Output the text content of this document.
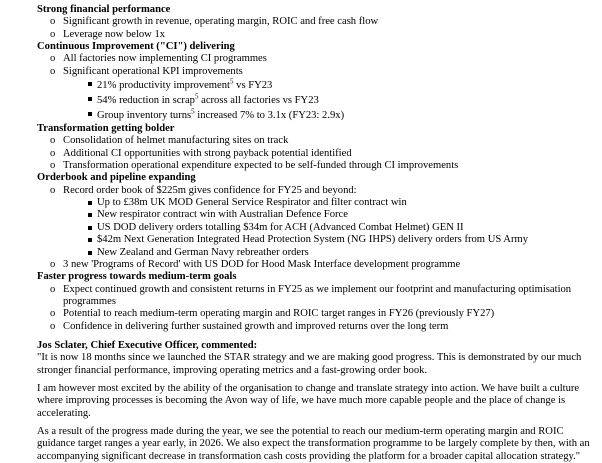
Strong financial performance

o Significant growth in revenue, operating margin, ROIC and free cash flow
o Leverage now below 1x

Continuous Improvement ("CI") delivering

o All factories now implementing CI programmes
o Significant operational KPI improvements
21% productivity improvement$^5$ vs FY23
54% reduction in scrap$^5$ across all factories vs FY23
Group inventory turns$^5$ increased 7% to 3.1x (FY23: 2.9x)

Transformation getting bolder

o Consolidation of helmet manufacturing sites on track
o Additional CI opportunities with strong payback potential identified
o Transformation operational expenditure expected to be self-funded through CI improvements

Orderbook and pipeline expanding

o Record order book of $225m gives confidence for FY25 and beyond:
Up to £38m UK MOD General Service Respirator and filter contract win
New respirator contract win with Australian Defence Force
US DOD delivery orders totalling $34m for ACH (Advanced Combat Helmet) GEN II
$42m Next Generation Integrated Head Protection System (NG IHPS) delivery orders from US Army
New Zealand and German Navy rebreather orders
o 3 new 'Programs of Record' with US DOD for Hood Mask Interface development programme

Faster progress towards medium-term goals

o Expect continued growth and consistent returns in FY25 as we implement our footprint and manufacturing optimisation programmes
o Potential to reach medium-term operating margin and ROIC target ranges in FY26 (previously FY27)
o Confidence in delivering further sustained growth and improved returns over the long term

Jos Sclater, Chief Executive Officer, commented:

"It is now 18 months since we launched the STAR strategy and we are making good progress. This is demonstrated by our much stronger financial performance, improving operating metrics and a fast-growing order book.

I am however most excited by the ability of the organisation to change and translate strategy into action. We have built a culture where improving processes is becoming the Avon way of life, we have much more capable people and the place of change is accelerating.

As a result of the progress made during the year, we see the potential to reach our medium-term operating margin and ROIC guidance target ranges a year early, in 2026. We also expect the transformation programme to be largely complete by then, with an accompanying significant decrease in transformation cash costs providing the platform for a broader capital allocation strategy."
